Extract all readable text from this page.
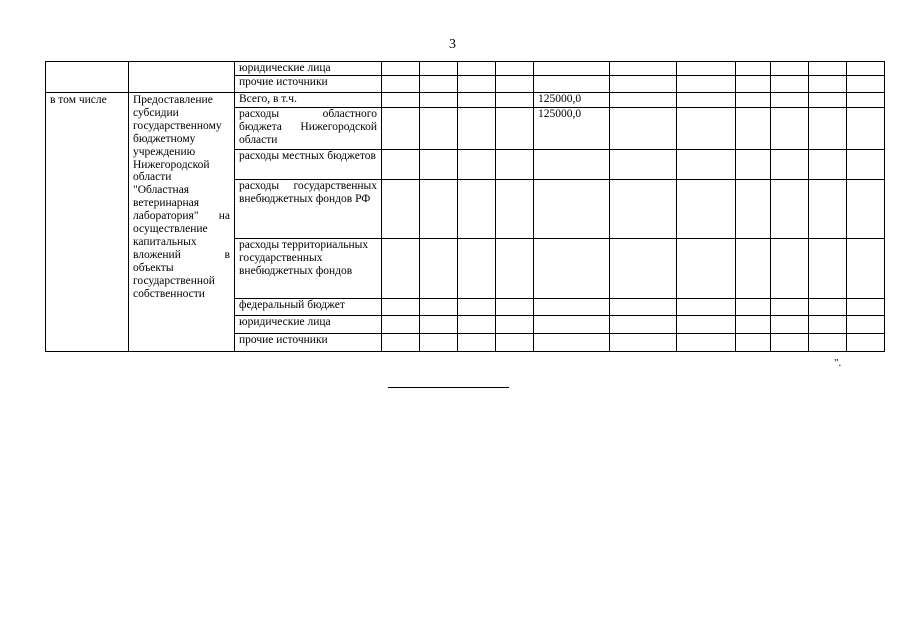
3
		юридические лица											
		прочие источники											
в том числе	Предоставление субсидии государственному бюджетному учреждению Нижегородской области "Областная ветеринарная лаборатория" на осуществление капитальных вложений в объекты государственной собственности	Всего, в т.ч.					125000,0						
		расходы областного бюджета Нижегородской области					125000,0						
		расходы местных бюджетов											
		расходы государственных внебюджетных фондов РФ											
		расходы территориальных государственных внебюджетных фондов											
		федеральный бюджет											
		юридические лица											
		прочие источники											
".
